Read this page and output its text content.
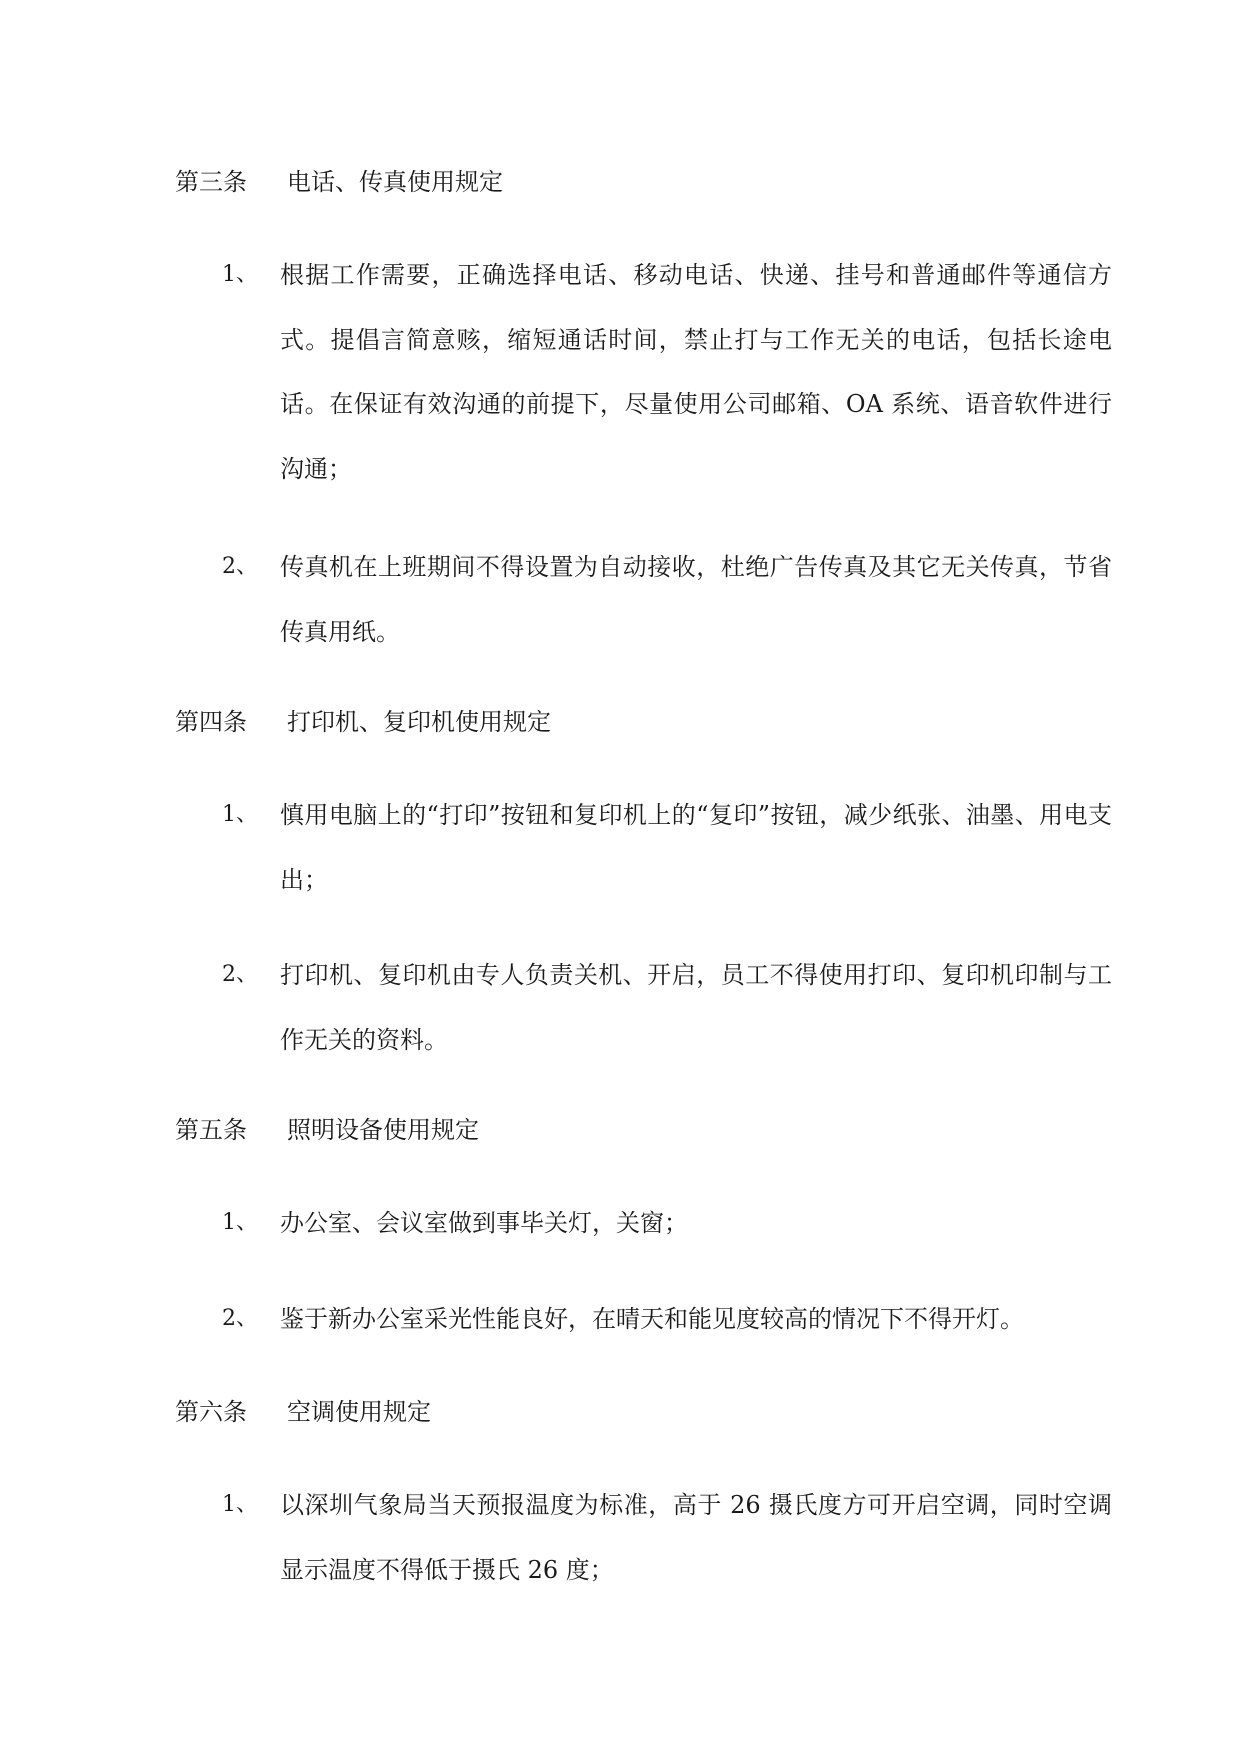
第三条 电话、传真使用规定
1、 根据工作需要，正确选择电话、移动电话、快递、挂号和普通邮件等通信方式。提倡言简意赅，缩短通话时间，禁止打与工作无关的电话，包括长途电话。在保证有效沟通的前提下，尽量使用公司邮箱、OA 系统、语音软件进行沟通；
2、 传真机在上班期间不得设置为自动接收，杜绝广告传真及其它无关传真，节省传真用纸。
第四条 打印机、复印机使用规定
1、 慎用电脑上的“打印”按钮和复印机上的“复印”按钮，减少纸张、油墨、用电支出；
2、 打印机、复印机由专人负责关机、开启，员工不得使用打印、复印机印制与工作无关的资料。
第五条 照明设备使用规定
1、 办公室、会议室做到事毕关灯，关窗；
2、 鉴于新办公室采光性能良好，在晴天和能见度较高的情况下不得开灯。
第六条 空调使用规定
1、 以深圳气象局当天预报温度为标准，高于 26 摄氏度方可开启空调，同时空调显示温度不得低于摄氏 26 度；
